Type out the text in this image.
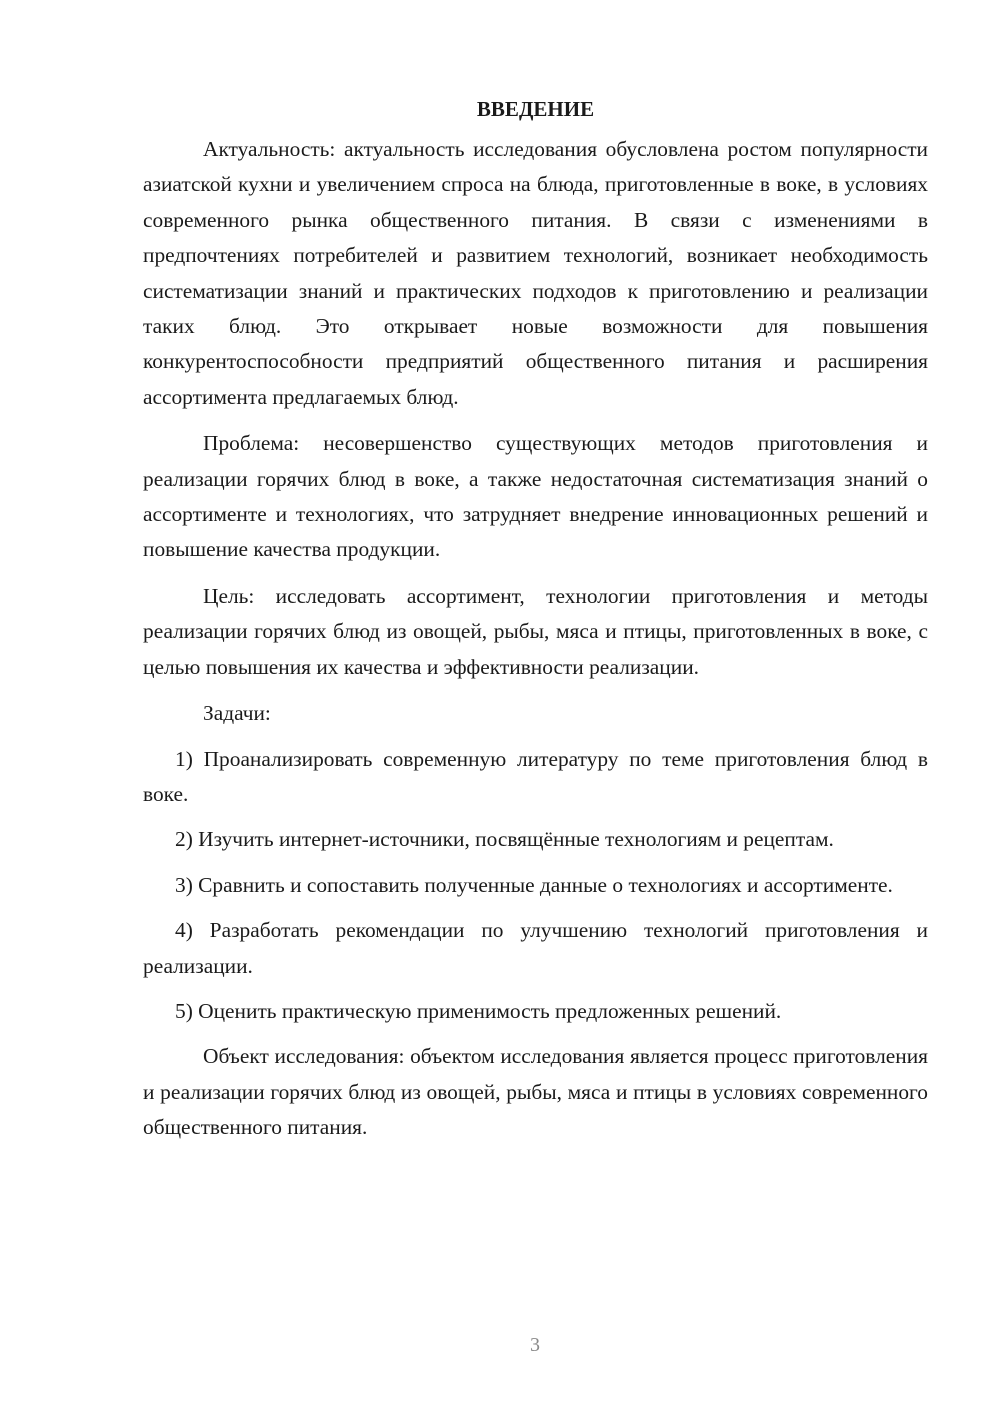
ВВЕДЕНИЕ

Актуальность: актуальность исследования обусловлена ростом популярности азиатской кухни и увеличением спроса на блюда, приготовленные в воке, в условиях современного рынка общественного питания. В связи с изменениями в предпочтениях потребителей и развитием технологий, возникает необходимость систематизации знаний и практических подходов к приготовлению и реализации таких блюд. Это открывает новые возможности для повышения конкурентоспособности предприятий общественного питания и расширения ассортимента предлагаемых блюд.

Проблема: несовершенство существующих методов приготовления и реализации горячих блюд в воке, а также недостаточная систематизация знаний о ассортименте и технологиях, что затрудняет внедрение инновационных решений и повышение качества продукции.

Цель: исследовать ассортимент, технологии приготовления и методы реализации горячих блюд из овощей, рыбы, мяса и птицы, приготовленных в воке, с целью повышения их качества и эффективности реализации.

Задачи:

1) Проанализировать современную литературу по теме приготовления блюд в воке.

2) Изучить интернет-источники, посвящённые технологиям и рецептам.

3) Сравнить и сопоставить полученные данные о технологиях и ассортименте.

4) Разработать рекомендации по улучшению технологий приготовления и реализации.

5) Оценить практическую применимость предложенных решений.

Объект исследования: объектом исследования является процесс приготовления и реализации горячих блюд из овощей, рыбы, мяса и птицы в условиях современного общественного питания.

3
